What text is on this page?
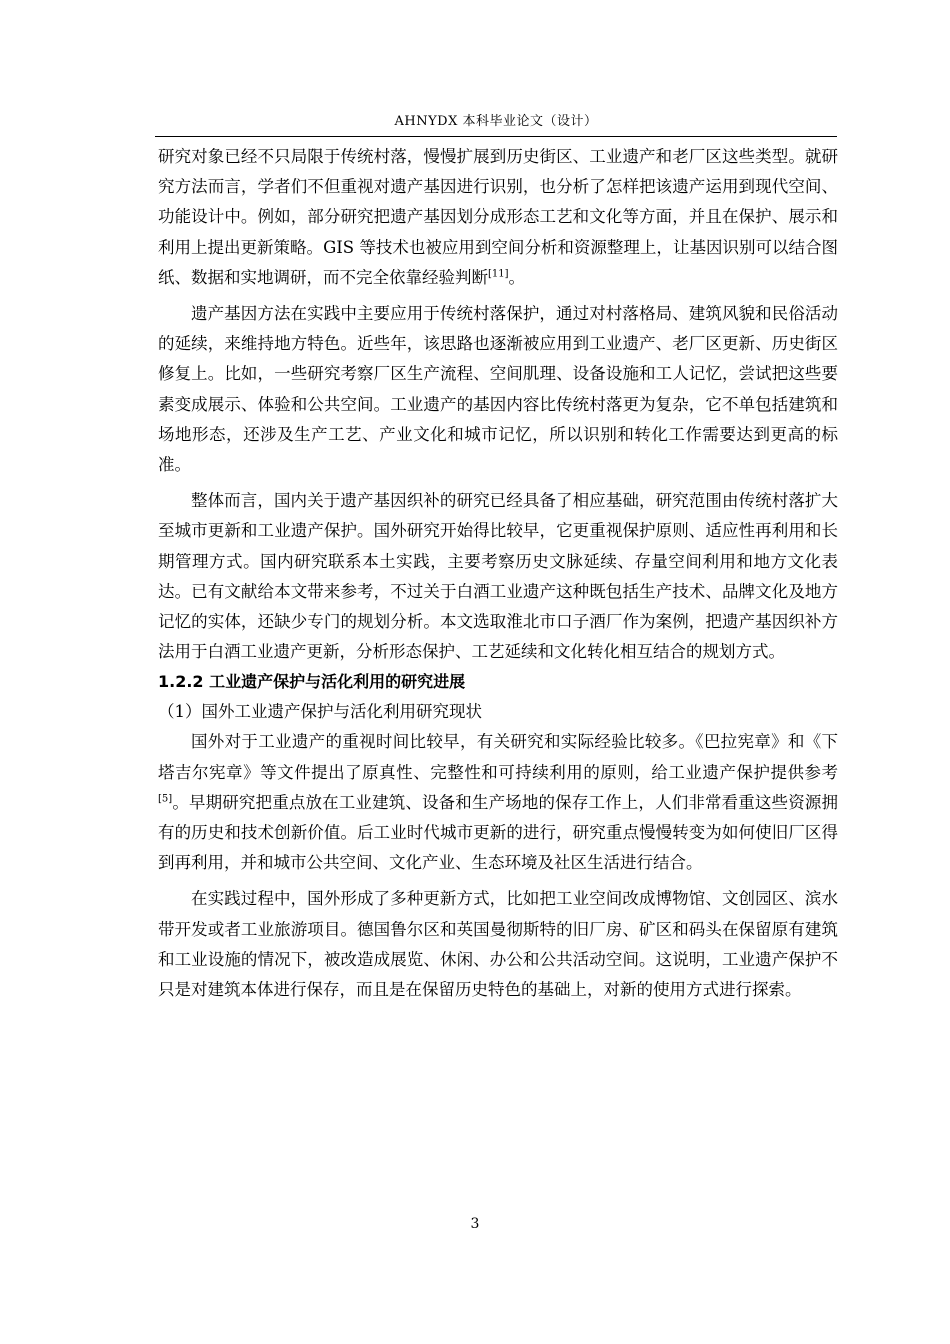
AHNYDX 本科毕业论文（设计）

研究对象已经不只局限于传统村落，慢慢扩展到历史街区、工业遗产和老厂区这些类型。就研究方法而言，学者们不但重视对遗产基因进行识别，也分析了怎样把该遗产运用到现代空间、功能设计中。例如，部分研究把遗产基因划分成形态工艺和文化等方面，并且在保护、展示和利用上提出更新策略。GIS 等技术也被应用到空间分析和资源整理上，让基因识别可以结合图纸、数据和实地调研，而不完全依靠经验判断[11]。

遗产基因方法在实践中主要应用于传统村落保护，通过对村落格局、建筑风貌和民俗活动的延续，来维持地方特色。近些年，该思路也逐渐被应用到工业遗产、老厂区更新、历史街区修复上。比如，一些研究考察厂区生产流程、空间肌理、设备设施和工人记忆，尝试把这些要素变成展示、体验和公共空间。工业遗产的基因内容比传统村落更为复杂，它不单包括建筑和场地形态，还涉及生产工艺、产业文化和城市记忆，所以识别和转化工作需要达到更高的标准。

整体而言，国内关于遗产基因织补的研究已经具备了相应基础，研究范围由传统村落扩大至城市更新和工业遗产保护。国外研究开始得比较早，它更重视保护原则、适应性再利用和长期管理方式。国内研究联系本土实践，主要考察历史文脉延续、存量空间利用和地方文化表达。已有文献给本文带来参考，不过关于白酒工业遗产这种既包括生产技术、品牌文化及地方记忆的实体，还缺少专门的规划分析。本文选取淮北市口子酒厂作为案例，把遗产基因织补方法用于白酒工业遗产更新，分析形态保护、工艺延续和文化转化相互结合的规划方式。

1.2.2 工业遗产保护与活化利用的研究进展

（1）国外工业遗产保护与活化利用研究现状

国外对于工业遗产的重视时间比较早，有关研究和实际经验比较多。《巴拉宪章》和《下塔吉尔宪章》等文件提出了原真性、完整性和可持续利用的原则，给工业遗产保护提供参考[5]。早期研究把重点放在工业建筑、设备和生产场地的保存工作上，人们非常看重这些资源拥有的历史和技术创新价值。后工业时代城市更新的进行，研究重点慢慢转变为如何使旧厂区得到再利用，并和城市公共空间、文化产业、生态环境及社区生活进行结合。

在实践过程中，国外形成了多种更新方式，比如把工业空间改成博物馆、文创园区、滨水带开发或者工业旅游项目。德国鲁尔区和英国曼彻斯特的旧厂房、矿区和码头在保留原有建筑和工业设施的情况下，被改造成展览、休闲、办公和公共活动空间。这说明，工业遗产保护不只是对建筑本体进行保存，而且是在保留历史特色的基础上，对新的使用方式进行探索。

3
